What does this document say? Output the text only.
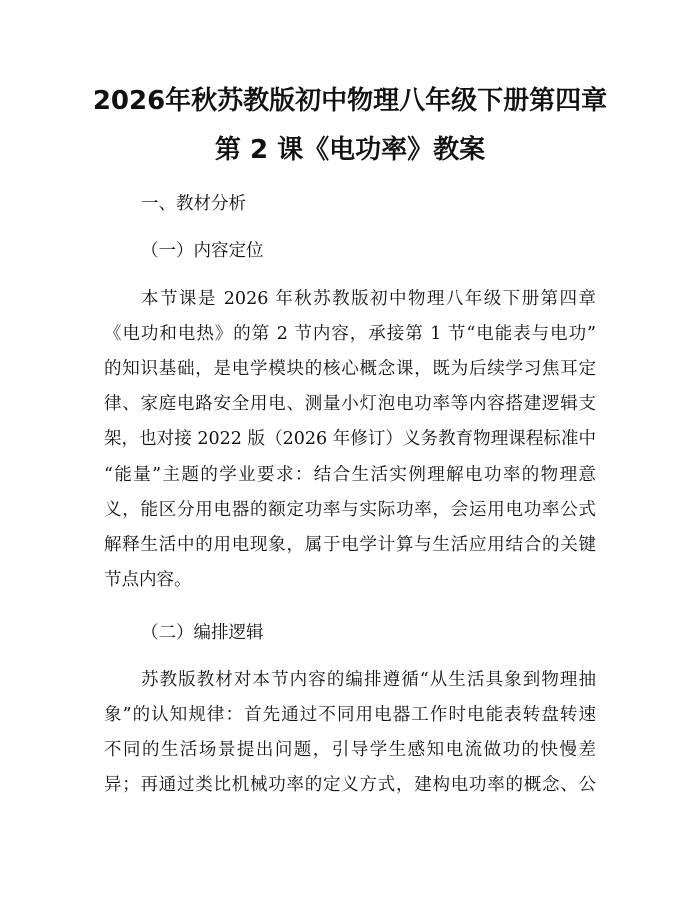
2026年秋苏教版初中物理八年级下册第四章
第 2 课《电功率》教案
一、教材分析
（一）内容定位
本节课是 2026 年秋苏教版初中物理八年级下册第四章
《电功和电热》的第 2 节内容，承接第 1 节“电能表与电功”
的知识基础，是电学模块的核心概念课，既为后续学习焦耳定
律、家庭电路安全用电、测量小灯泡电功率等内容搭建逻辑支
架，也对接 2022 版（2026 年修订）义务教育物理课程标准中
“能量”主题的学业要求：结合生活实例理解电功率的物理意
义，能区分用电器的额定功率与实际功率，会运用电功率公式
解释生活中的用电现象，属于电学计算与生活应用结合的关键
节点内容。
（二）编排逻辑
苏教版教材对本节内容的编排遵循“从生活具象到物理抽
象”的认知规律：首先通过不同用电器工作时电能表转盘转速
不同的生活场景提出问题，引导学生感知电流做功的快慢差
异；再通过类比机械功率的定义方式，建构电功率的概念、公
